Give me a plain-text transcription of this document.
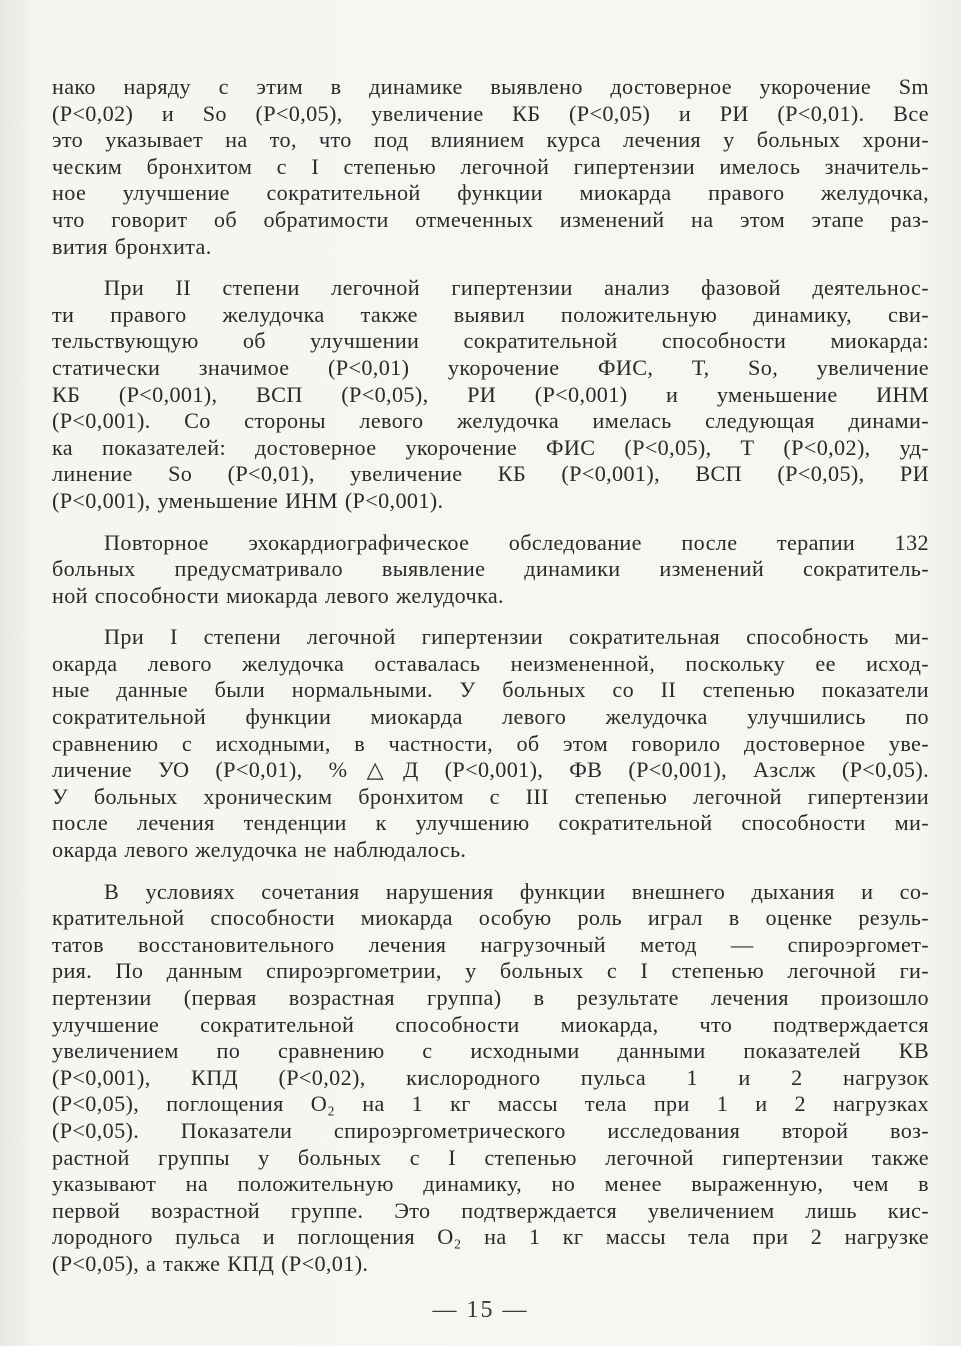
нако наряду с этим в динамике выявлено достоверное укорочение Sm
(P<0,02) и So (P<0,05), увеличение КБ (P<0,05) и РИ (P<0,01). Все
это указывает на то, что под влиянием курса лечения у больных хрони-
ческим бронхитом с I степенью легочной гипертензии имелось значитель-
ное улучшение сократительной функции миокарда правого желудочка,
что говорит об обратимости отмеченных изменений на этом этапе раз-
вития бронхита.
При II степени легочной гипертензии анализ фазовой деятельнос-
ти правого желудочка также выявил положительную динамику, сви-
тельствующую об улучшении сократительной способности миокарда:
статически значимое (P<0,01) укорочение ФИС, Т, So, увеличение
КБ (P<0,001), ВСП (P<0,05), РИ (P<0,001) и уменьшение ИНМ
(P<0,001). Со стороны левого желудочка имелась следующая динами-
ка показателей: достоверное укорочение ФИС (P<0,05), Т (P<0,02), уд-
линение So (P<0,01), увеличение КБ (P<0,001), ВСП (P<0,05), РИ
(P<0,001), уменьшение ИНМ (P<0,001).
Повторное эхокардиографическое обследование после терапии 132
больных предусматривало выявление динамики изменений сократитель-
ной способности миокарда левого желудочка.
При I степени легочной гипертензии сократительная способность ми-
окарда левого желудочка оставалась неизмененной, поскольку ее исход-
ные данные были нормальными. У больных со II степенью показатели
сократительной функции миокарда левого желудочка улучшились по
сравнению с исходными, в частности, об этом говорило достоверное уве-
личение УО (P<0,01), %△Д (P<0,001), ФВ (P<0,001), Азслж (P<0,05).
У больных хроническим бронхитом с III степенью легочной гипертензии
после лечения тенденции к улучшению сократительной способности ми-
окарда левого желудочка не наблюдалось.
В условиях сочетания нарушения функции внешнего дыхания и со-
кратительной способности миокарда особую роль играл в оценке резуль-
татов восстановительного лечения нагрузочный метод — спироэргомет-
рия. По данным спироэргометрии, у больных с I степенью легочной ги-
пертензии (первая возрастная группа) в результате лечения произошло
улучшение сократительной способности миокарда, что подтверждается
увеличением по сравнению с исходными данными показателей КВ
(P<0,001), КПД (P<0,02), кислородного пульса 1 и 2 нагрузок
(P<0,05), поглощения O₂ на 1 кг массы тела при 1 и 2 нагрузках
(P<0,05). Показатели спироэргометрического исследования второй воз-
растной группы у больных с I степенью легочной гипертензии также
указывают на положительную динамику, но менее выраженную, чем в
первой возрастной группе. Это подтверждается увеличением лишь кис-
лородного пульса и поглощения O₂ на 1 кг массы тела при 2 нагрузке
(P<0,05), а также КПД (P<0,01).
— 15 —
